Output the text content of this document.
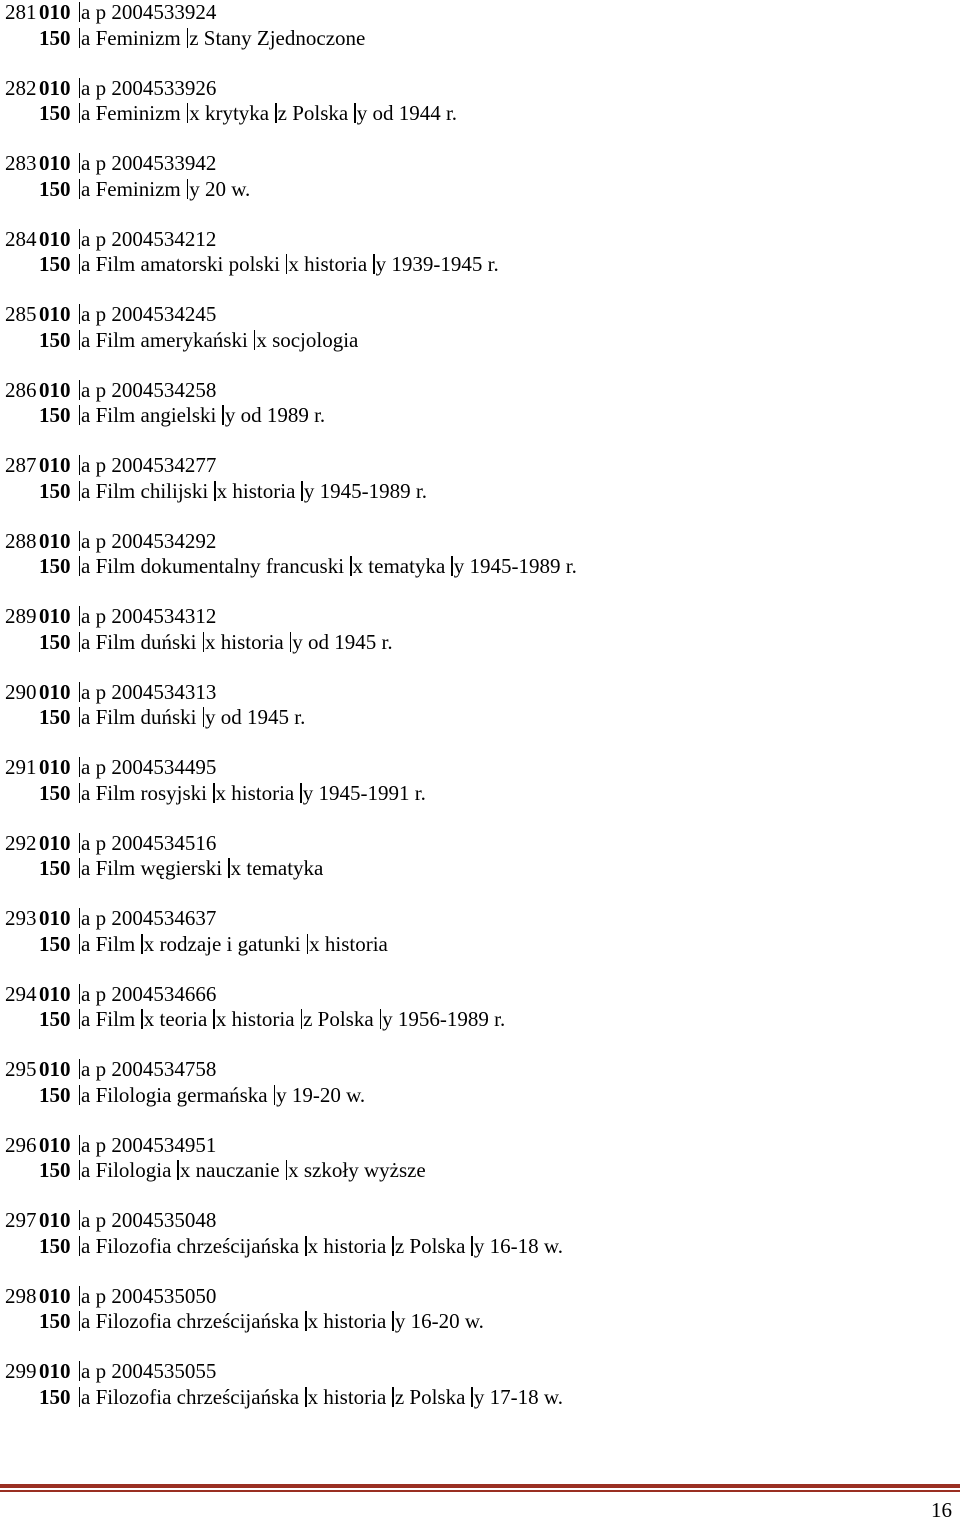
281 010 a p 2004533924
150 a Feminizm z Stany Zjednoczone
282 010 a p 2004533926
150 a Feminizm x krytyka z Polska y od 1944 r.
283 010 a p 2004533942
150 a Feminizm y 20 w.
284 010 a p 2004534212
150 a Film amatorski polski x historia y 1939-1945 r.
285 010 a p 2004534245
150 a Film amerykański x socjologia
286 010 a p 2004534258
150 a Film angielski y od 1989 r.
287 010 a p 2004534277
150 a Film chilijski x historia y 1945-1989 r.
288 010 a p 2004534292
150 a Film dokumentalny francuski x tematyka y 1945-1989 r.
289 010 a p 2004534312
150 a Film duński x historia y od 1945 r.
290 010 a p 2004534313
150 a Film duński y od 1945 r.
291 010 a p 2004534495
150 a Film rosyjski x historia y 1945-1991 r.
292 010 a p 2004534516
150 a Film węgierski x tematyka
293 010 a p 2004534637
150 a Film x rodzaje i gatunki x historia
294 010 a p 2004534666
150 a Film x teoria x historia z Polska y 1956-1989 r.
295 010 a p 2004534758
150 a Filologia germańska y 19-20 w.
296 010 a p 2004534951
150 a Filologia x nauczanie x szkoły wyższe
297 010 a p 2004535048
150 a Filozofia chrześcijańska x historia z Polska y 16-18 w.
298 010 a p 2004535050
150 a Filozofia chrześcijańska x historia y 16-20 w.
299 010 a p 2004535055
150 a Filozofia chrześcijańska x historia z Polska y 17-18 w.
16
